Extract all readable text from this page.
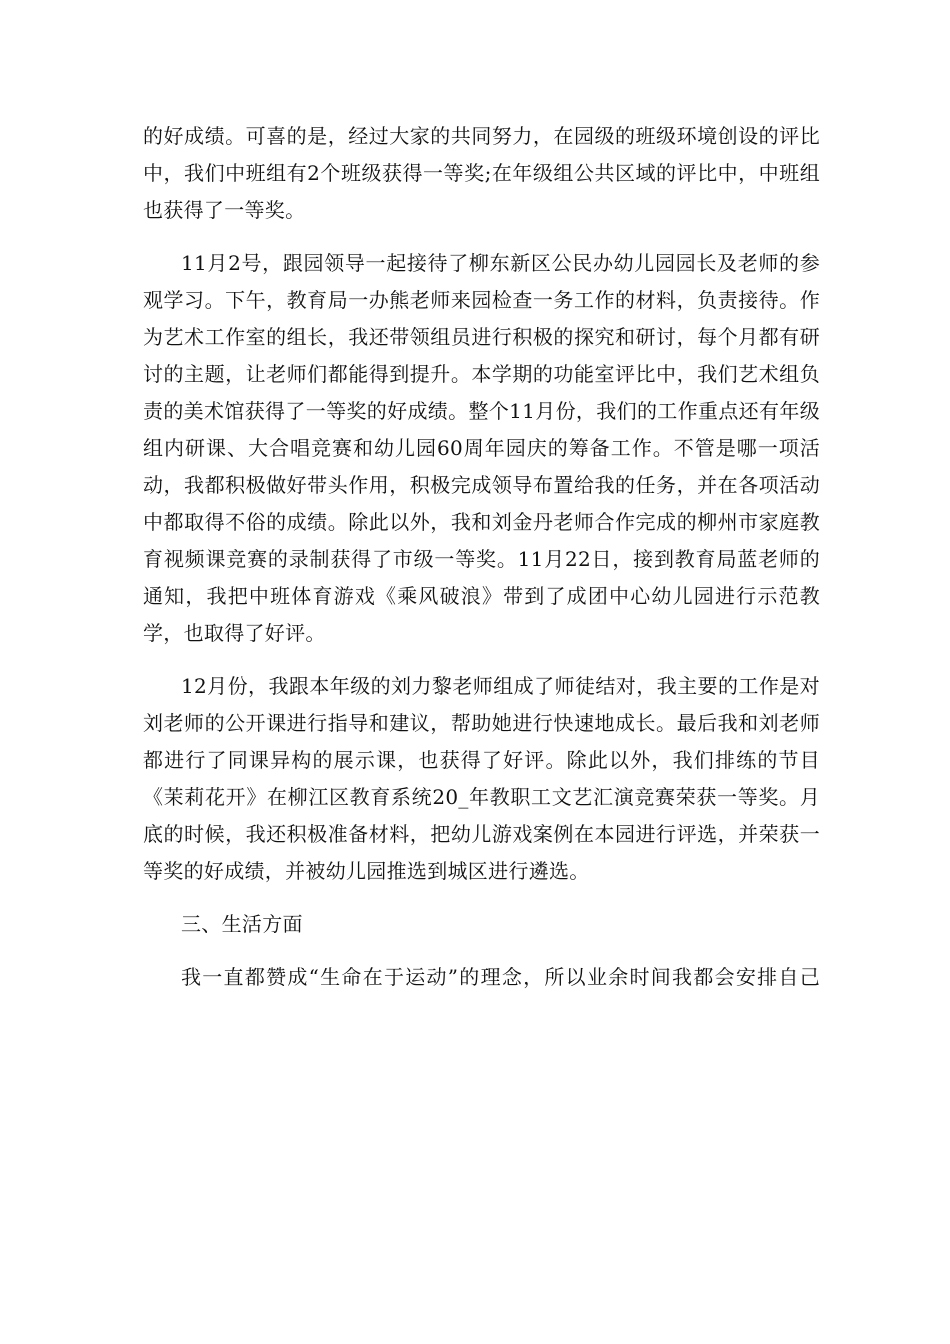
的好成绩。可喜的是，经过大家的共同努力，在园级的班级环境创设的评比
中，我们中班组有2个班级获得一等奖;在年级组公共区域的评比中，中班组
也获得了一等奖。
11月2号，跟园领导一起接待了柳东新区公民办幼儿园园长及老师的参
观学习。下午，教育局一办熊老师来园检查一务工作的材料，负责接待。作
为艺术工作室的组长，我还带领组员进行积极的探究和研讨，每个月都有研
讨的主题，让老师们都能得到提升。本学期的功能室评比中，我们艺术组负
责的美术馆获得了一等奖的好成绩。整个11月份，我们的工作重点还有年级
组内研课、大合唱竞赛和幼儿园60周年园庆的筹备工作。不管是哪一项活
动，我都积极做好带头作用，积极完成领导布置给我的任务，并在各项活动
中都取得不俗的成绩。除此以外，我和刘金丹老师合作完成的柳州市家庭教
育视频课竞赛的录制获得了市级一等奖。11月22日，接到教育局蓝老师的
通知，我把中班体育游戏《乘风破浪》带到了成团中心幼儿园进行示范教
学，也取得了好评。
12月份，我跟本年级的刘力黎老师组成了师徒结对，我主要的工作是对
刘老师的公开课进行指导和建议，帮助她进行快速地成长。最后我和刘老师
都进行了同课异构的展示课，也获得了好评。除此以外，我们排练的节目
《茉莉花开》在柳江区教育系统20_年教职工文艺汇演竞赛荣获一等奖。月
底的时候，我还积极准备材料，把幼儿游戏案例在本园进行评选，并荣获一
等奖的好成绩，并被幼儿园推选到城区进行遴选。
三、生活方面
我一直都赞成“生命在于运动”的理念，所以业余时间我都会安排自己
